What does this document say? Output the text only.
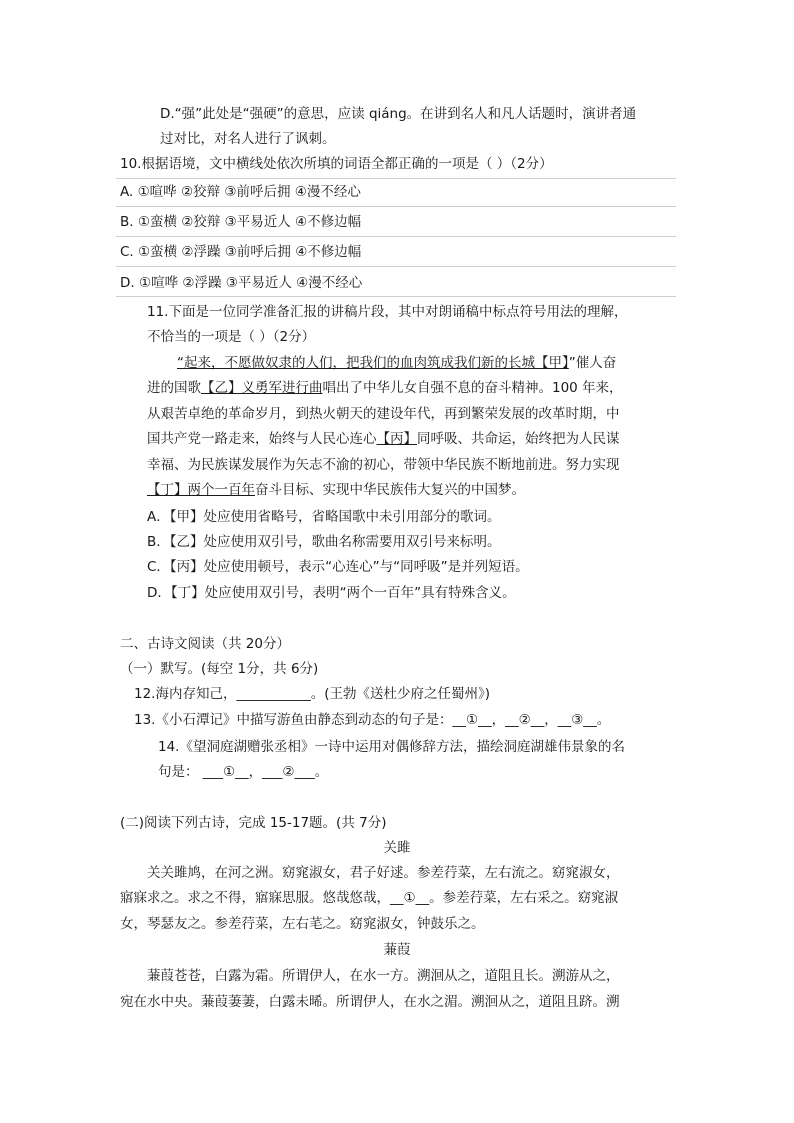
D.“强”此处是“强硬”的意思，应读 qiáng。在讲到名人和凡人话题时，演讲者通
过对比，对名人进行了讽刺。
10.根据语境，文中横线处依次所填的词语全都正确的一项是（ ）（2分）
A. ①喧哗 ②狡辩 ③前呼后拥 ④漫不经心
B. ①蛮横 ②狡辩 ③平易近人 ④不修边幅
C. ①蛮横 ②浮躁 ③前呼后拥 ④不修边幅
D. ①喧哗 ②浮躁 ③平易近人 ④漫不经心
11.下面是一位同学准备汇报的讲稿片段，其中对朗诵稿中标点符号用法的理解，
不恰当的一项是（ ）（2分）
“起来，不愿做奴隶的人们，把我们的血肉筑成我们新的长城【甲】”催人奋
进的国歌【乙】义勇军进行曲唱出了中华儿女自强不息的奋斗精神。100 年来，
从艰苦卓绝的革命岁月，到热火朝天的建设年代，再到繁荣发展的改革时期，中
国共产党一路走来，始终与人民心连心【丙】同呼吸、共命运，始终把为人民谋
幸福、为民族谋发展作为矢志不渝的初心，带领中华民族不断地前进。努力实现
【丁】两个一百年奋斗目标、实现中华民族伟大复兴的中国梦。
A．【甲】处应使用省略号，省略国歌中未引用部分的歌词。
B．【乙】处应使用双引号，歌曲名称需要用双引号来标明。
C．【丙】处应使用顿号，表示“心连心”与“同呼吸”是并列短语。
D．【丁】处应使用双引号，表明“两个一百年”具有特殊含义。
二、古诗文阅读（共 20分）
（一）默写。(每空 1分，共 6分)
12.海内存知己，___________。(王勃《送杜少府之任蜀州》)
13.《小石潭记》中描写游鱼由静态到动态的句子是：__①__，__②__，__③__。
14.《望洞庭湖赠张丞相》一诗中运用对偶修辞方法，描绘洞庭湖雄伟景象的名
句是： ___①__，___②___。
(二)阅读下列古诗，完成 15-17题。(共 7分)
关雎
关关雎鸠，在河之洲。窈窕淑女，君子好逑。参差荇菜，左右流之。窈窕淑女，
寤寐求之。求之不得，寤寐思服。悠哉悠哉，__①__。参差荇菜，左右采之。窈窕淑
女，琴瑟友之。参差荇菜，左右芼之。窈窕淑女，钟鼓乐之。
蒹葭
蒹葭苍苍，白露为霜。所谓伊人，在水一方。溯洄从之，道阻且长。溯游从之，
宛在水中央。蒹葭萋萋，白露未晞。所谓伊人，在水之湄。溯洄从之，道阻且跻。溯
